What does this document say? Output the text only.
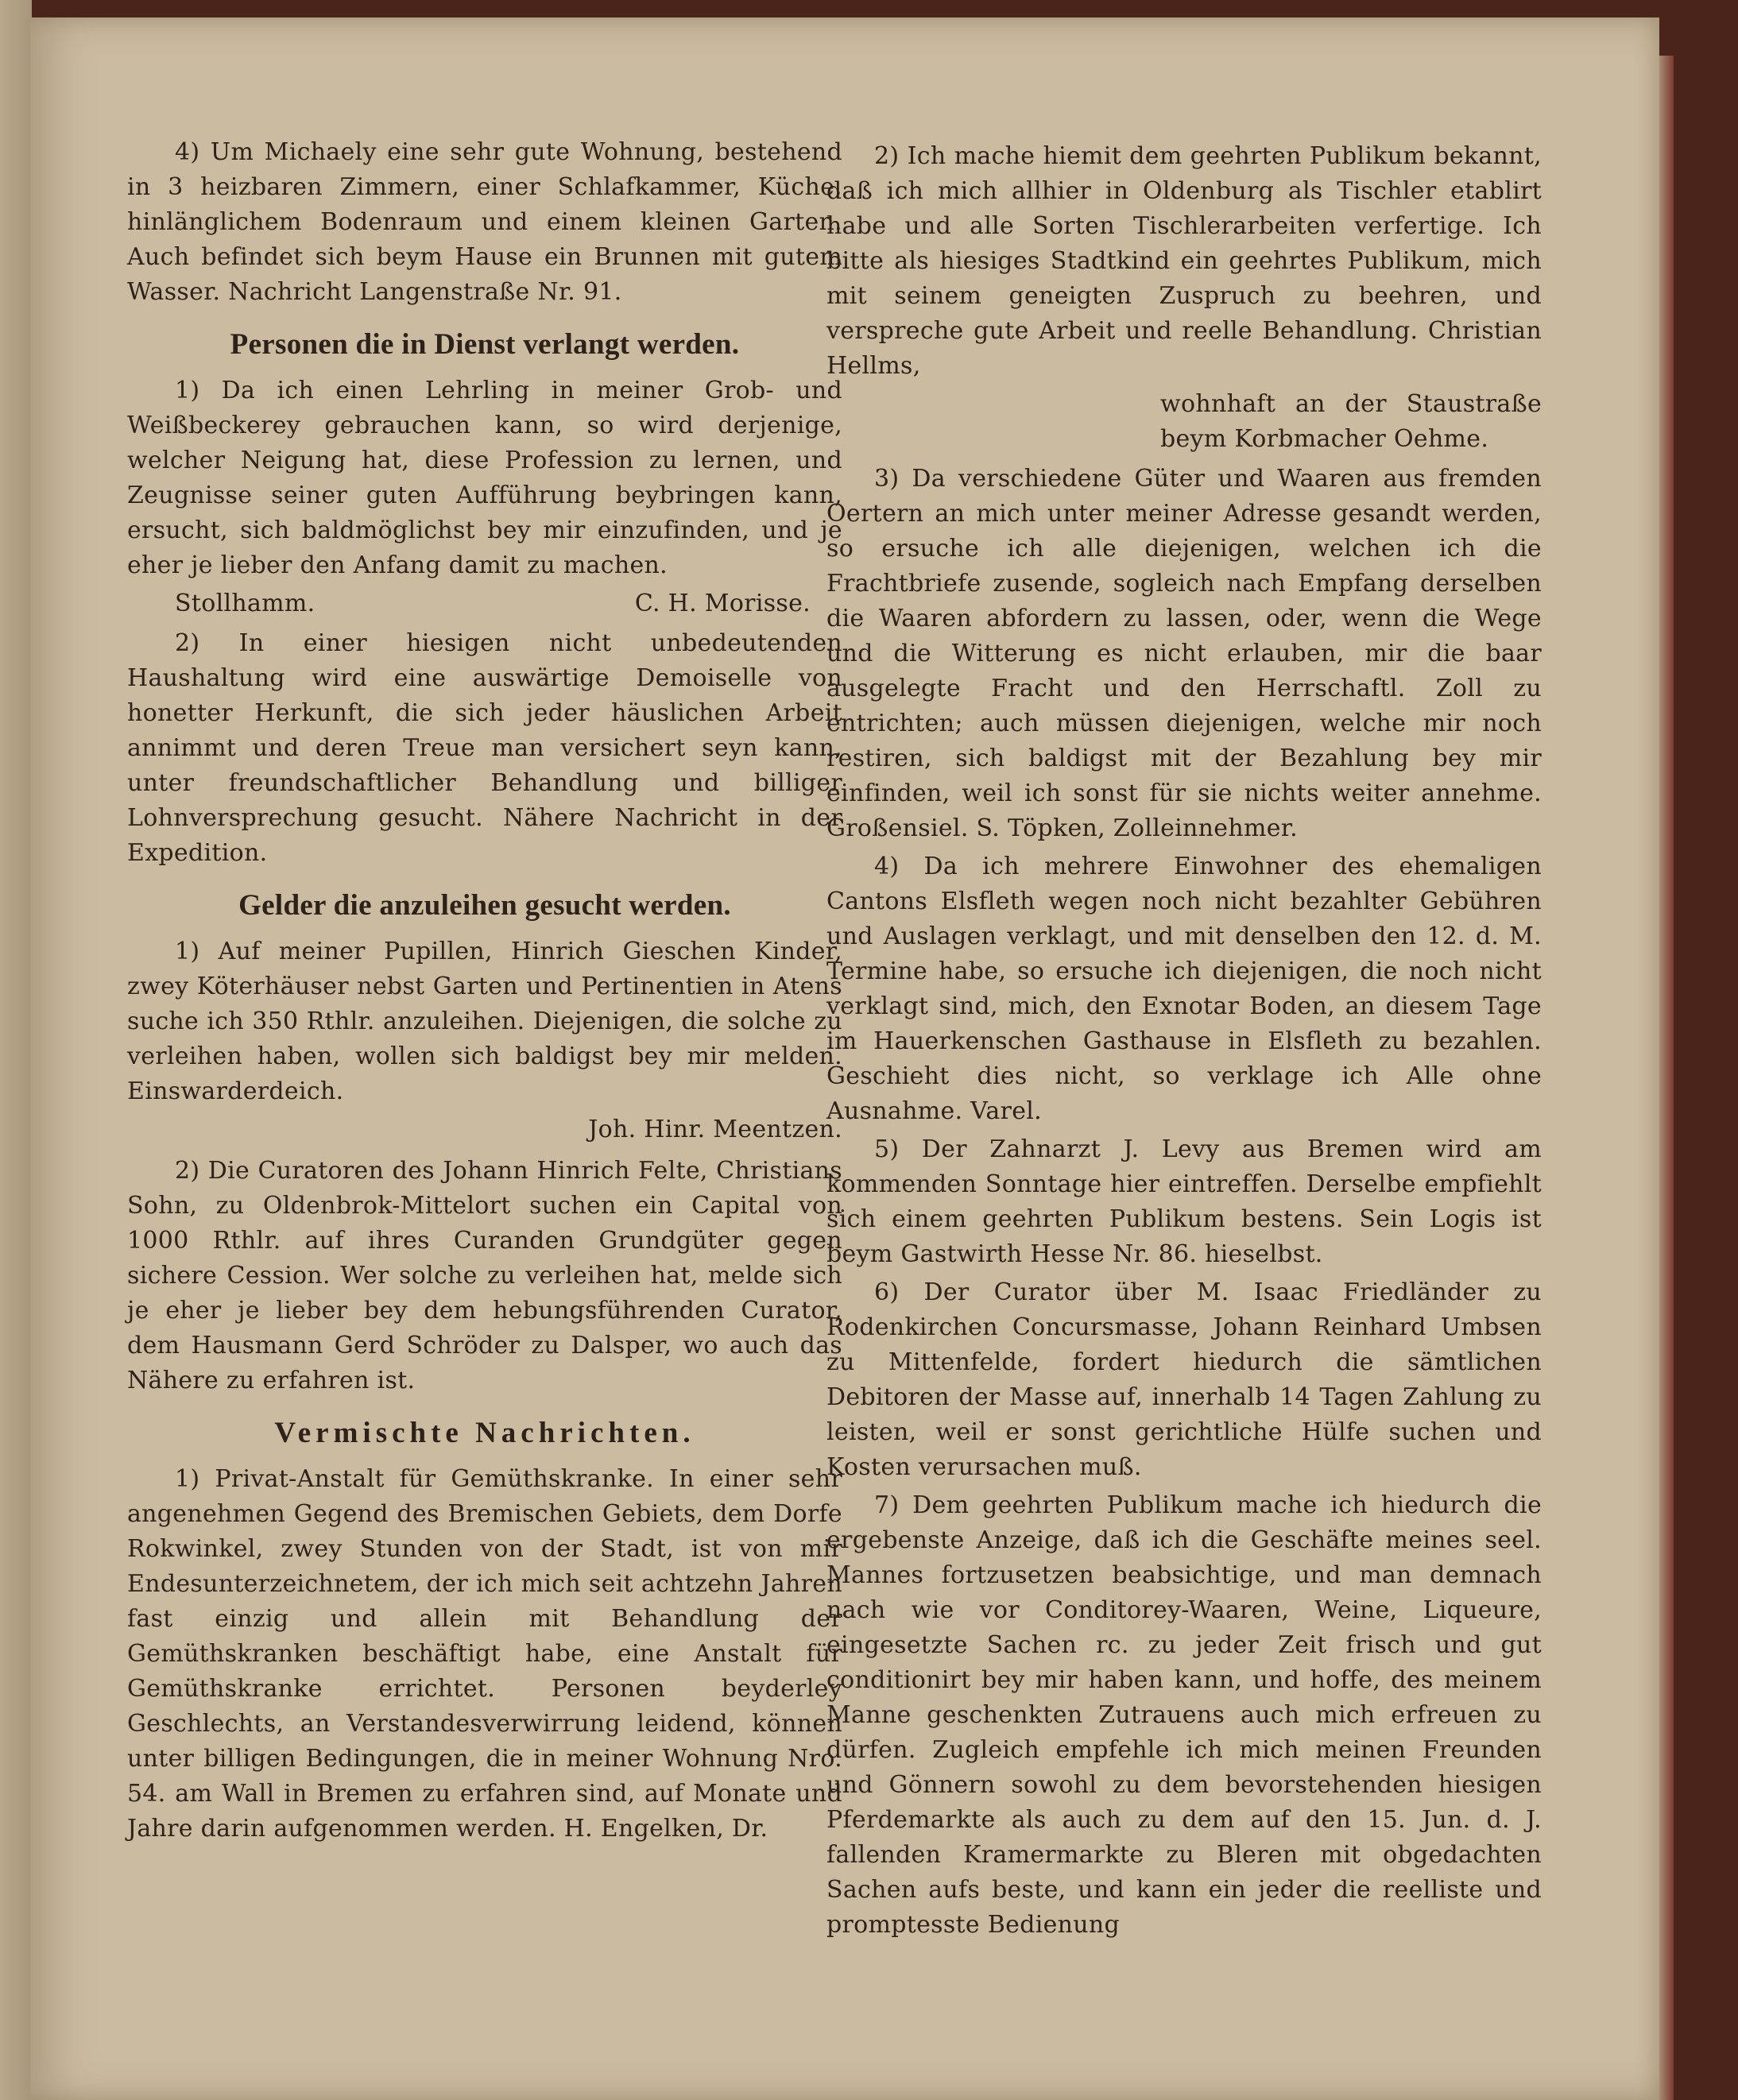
4) Um Michaely eine sehr gute Wohnung, bestehend in 3 heizbaren Zimmern, einer Schlafkammer, Küche, hinlänglichem Bodenraum und einem kleinen Garten. Auch befindet sich beym Hause ein Brunnen mit gutem Wasser. Nachricht Langenstraße Nr. 91.

Personen die in Dienst verlangt werden.

1) Da ich einen Lehrling in meiner Grob- und Weißbeckerey gebrauchen kann, so wird derjenige, welcher Neigung hat, diese Profession zu lernen, und Zeugnisse seiner guten Aufführung beybringen kann, ersucht, sich baldmöglichst bey mir einzufinden, und je eher je lieber den Anfang damit zu machen.

Stollhamm.	C. H. Morisse.

2) In einer hiesigen nicht unbedeutenden Haushaltung wird eine auswärtige Demoiselle von honetter Herkunft, die sich jeder häuslichen Arbeit annimmt und deren Treue man versichert seyn kann, unter freundschaftlicher Behandlung und billiger Lohnversprechung gesucht. Nähere Nachricht in der Expedition.

Gelder die anzuleihen gesucht werden.

1) Auf meiner Pupillen, Hinrich Gieschen Kinder, zwey Köterhäuser nebst Garten und Pertinentien in Atens suche ich 350 Rthlr. anzuleihen. Diejenigen, die solche zu verleihen haben, wollen sich baldigst bey mir melden. Einswarderdeich.

Joh. Hinr. Meentzen.

2) Die Curatoren des Johann Hinrich Felte, Christians Sohn, zu Oldenbrok-Mittelort suchen ein Capital von 1000 Rthlr. auf ihres Curanden Grundgüter gegen sichere Cession. Wer solche zu verleihen hat, melde sich je eher je lieber bey dem hebungsführenden Curator, dem Hausmann Gerd Schröder zu Dalsper, wo auch das Nähere zu erfahren ist.

Vermischte Nachrichten.

1) Privat-Anstalt für Gemüthskranke. In einer sehr angenehmen Gegend des Bremischen Gebiets, dem Dorfe Rokwinkel, zwey Stunden von der Stadt, ist von mir Endesunterzeichnetem, der ich mich seit achtzehn Jahren fast einzig und allein mit Behandlung der Gemüthskranken beschäftigt habe, eine Anstalt für Gemüthskranke errichtet. Personen beyderley Geschlechts, an Verstandesverwirrung leidend, können unter billigen Bedingungen, die in meiner Wohnung Nro. 54. am Wall in Bremen zu erfahren sind, auf Monate und Jahre darin aufgenommen werden. H. Engelken, Dr.

2) Ich mache hiemit dem geehrten Publikum bekannt, daß ich mich allhier in Oldenburg als Tischler etablirt habe und alle Sorten Tischlerarbeiten verfertige. Ich bitte als hiesiges Stadtkind ein geehrtes Publikum, mich mit seinem geneigten Zuspruch zu beehren, und verspreche gute Arbeit und reelle Behandlung. Christian Hellms,

wohnhaft an der Staustraße beym Korbmacher Oehme.

3) Da verschiedene Güter und Waaren aus fremden Oertern an mich unter meiner Adresse gesandt werden, so ersuche ich alle diejenigen, welchen ich die Frachtbriefe zusende, sogleich nach Empfang derselben die Waaren abfordern zu lassen, oder, wenn die Wege und die Witterung es nicht erlauben, mir die baar ausgelegte Fracht und den Herrschaftl. Zoll zu entrichten; auch müssen diejenigen, welche mir noch restiren, sich baldigst mit der Bezahlung bey mir einfinden, weil ich sonst für sie nichts weiter annehme. Großensiel. S. Töpken, Zolleinnehmer.

4) Da ich mehrere Einwohner des ehemaligen Cantons Elsfleth wegen noch nicht bezahlter Gebühren und Auslagen verklagt, und mit denselben den 12. d. M. Termine habe, so ersuche ich diejenigen, die noch nicht verklagt sind, mich, den Exnotar Boden, an diesem Tage im Hauerkenschen Gasthause in Elsfleth zu bezahlen. Geschieht dies nicht, so verklage ich Alle ohne Ausnahme. Varel.

5) Der Zahnarzt J. Levy aus Bremen wird am kommenden Sonntage hier eintreffen. Derselbe empfiehlt sich einem geehrten Publikum bestens. Sein Logis ist beym Gastwirth Hesse Nr. 86. hieselbst.

6) Der Curator über M. Isaac Friedländer zu Rodenkirchen Concursmasse, Johann Reinhard Umbsen zu Mittenfelde, fordert hiedurch die sämtlichen Debitoren der Masse auf, innerhalb 14 Tagen Zahlung zu leisten, weil er sonst gerichtliche Hülfe suchen und Kosten verursachen muß.

7) Dem geehrten Publikum mache ich hiedurch die ergebenste Anzeige, daß ich die Geschäfte meines seel. Mannes fortzusetzen beabsichtige, und man demnach nach wie vor Conditorey-Waaren, Weine, Liqueure, eingesetzte Sachen rc. zu jeder Zeit frisch und gut conditionirt bey mir haben kann, und hoffe, des meinem Manne geschenkten Zutrauens auch mich erfreuen zu dürfen. Zugleich empfehle ich mich meinen Freunden und Gönnern sowohl zu dem bevorstehenden hiesigen Pferdemarkte als auch zu dem auf den 15. Jun. d. J. fallenden Kramermarkte zu Bleren mit obgedachten Sachen aufs beste, und kann ein jeder die reelliste und promptesste Bedienung
